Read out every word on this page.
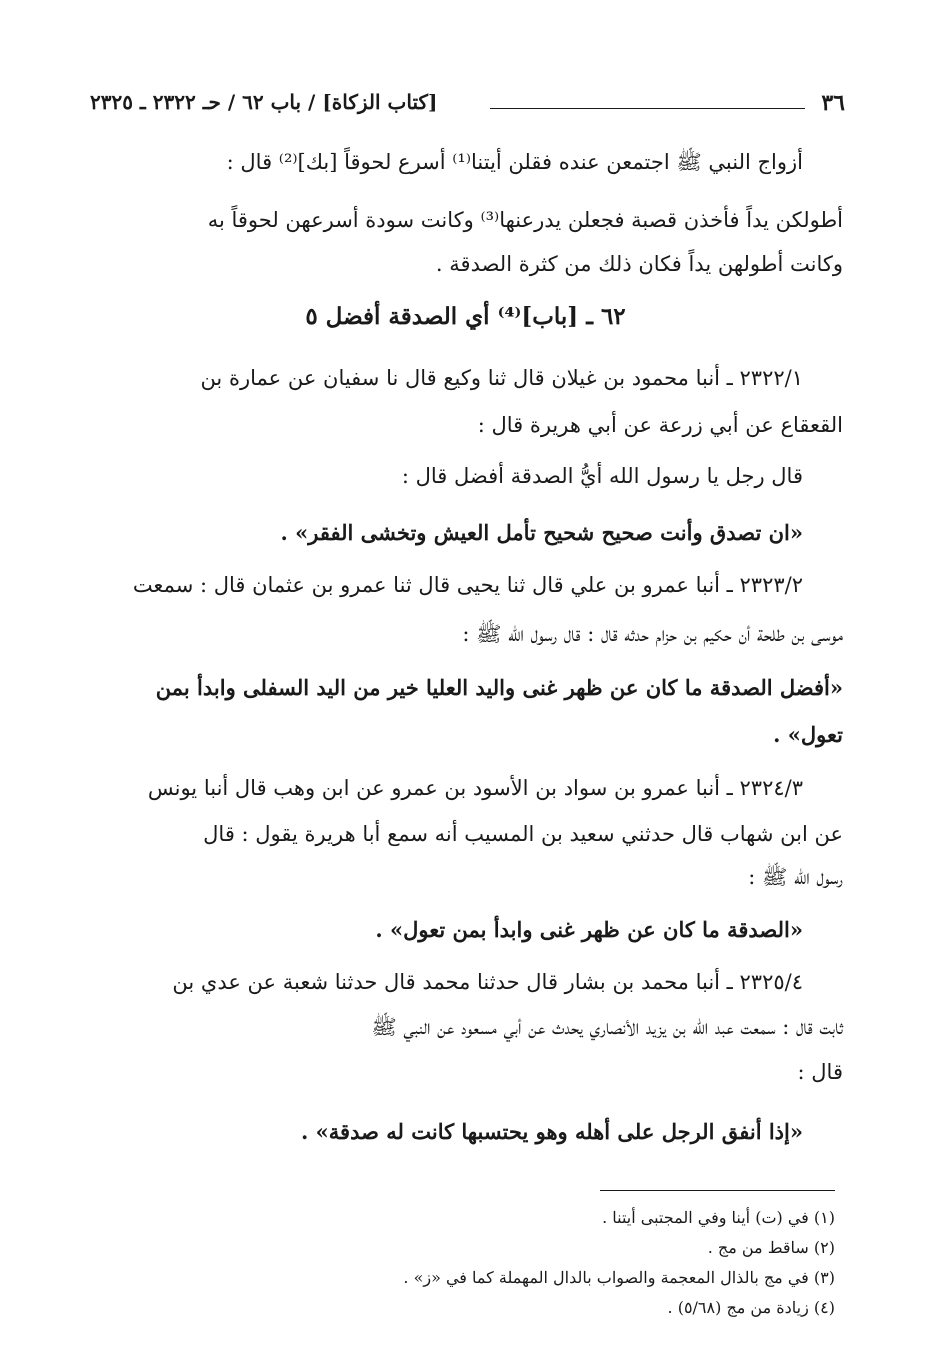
٣٦
[كتاب الزكاة] / باب ٦٢ / حـ ٢٣٢٢ ـ ٢٣٢٥
أزواج النبي ﷺ اجتمعن عنده فقلن أيتنا⁽¹⁾ أسرع لحوقاً [بك]⁽²⁾ قال :
أطولكن يداً فأخذن قصبة فجعلن يدرعنها⁽³⁾ وكانت سودة أسرعهن لحوقاً به
وكانت أطولهن يداً فكان ذلك من كثرة الصدقة .
٦٢ ـ [باب]⁽⁴⁾ أي الصدقة أفضل ٥
٢٣٢٢/١ ـ أنبا محمود بن غيلان قال ثنا وكيع قال نا سفيان عن عمارة بن
القعقاع عن أبي زرعة عن أبي هريرة قال :
قال رجل يا رسول الله أيُّ الصدقة أفضل قال :
«ان تصدق وأنت صحيح شحيح تأمل العيش وتخشى الفقر» .
٢٣٢٣/٢ ـ أنبا عمرو بن علي قال ثنا يحيى قال ثنا عمرو بن عثمان قال : سمعت
موسى بن طلحة أن حكيم بن حزام حدثه قال : قال رسول الله ﷺ :
«أفضل الصدقة ما كان عن ظهر غنى واليد العليا خير من اليد السفلى وابدأ بمن
تعول» .
٢٣٢٤/٣ ـ أنبا عمرو بن سواد بن الأسود بن عمرو عن ابن وهب قال أنبا يونس
عن ابن شهاب قال حدثني سعيد بن المسيب أنه سمع أبا هريرة يقول : قال
رسول الله ﷺ :
«الصدقة ما كان عن ظهر غنى وابدأ بمن تعول» .
٢٣٢٥/٤ ـ أنبا محمد بن بشار قال حدثنا محمد قال حدثنا شعبة عن عدي بن
ثابت قال : سمعت عبد الله بن يزيد الأنصاري يحدث عن أبي مسعود عن النبي ﷺ
قال :
«إذا أنفق الرجل على أهله وهو يحتسبها كانت له صدقة» .
(١) في (ت) أينا وفي المجتبى أيتنا .
(٢) ساقط من مج .
(٣) في مج بالذال المعجمة والصواب بالدال المهملة كما في «ز» .
(٤) زيادة من مج (٥/٦٨) .
